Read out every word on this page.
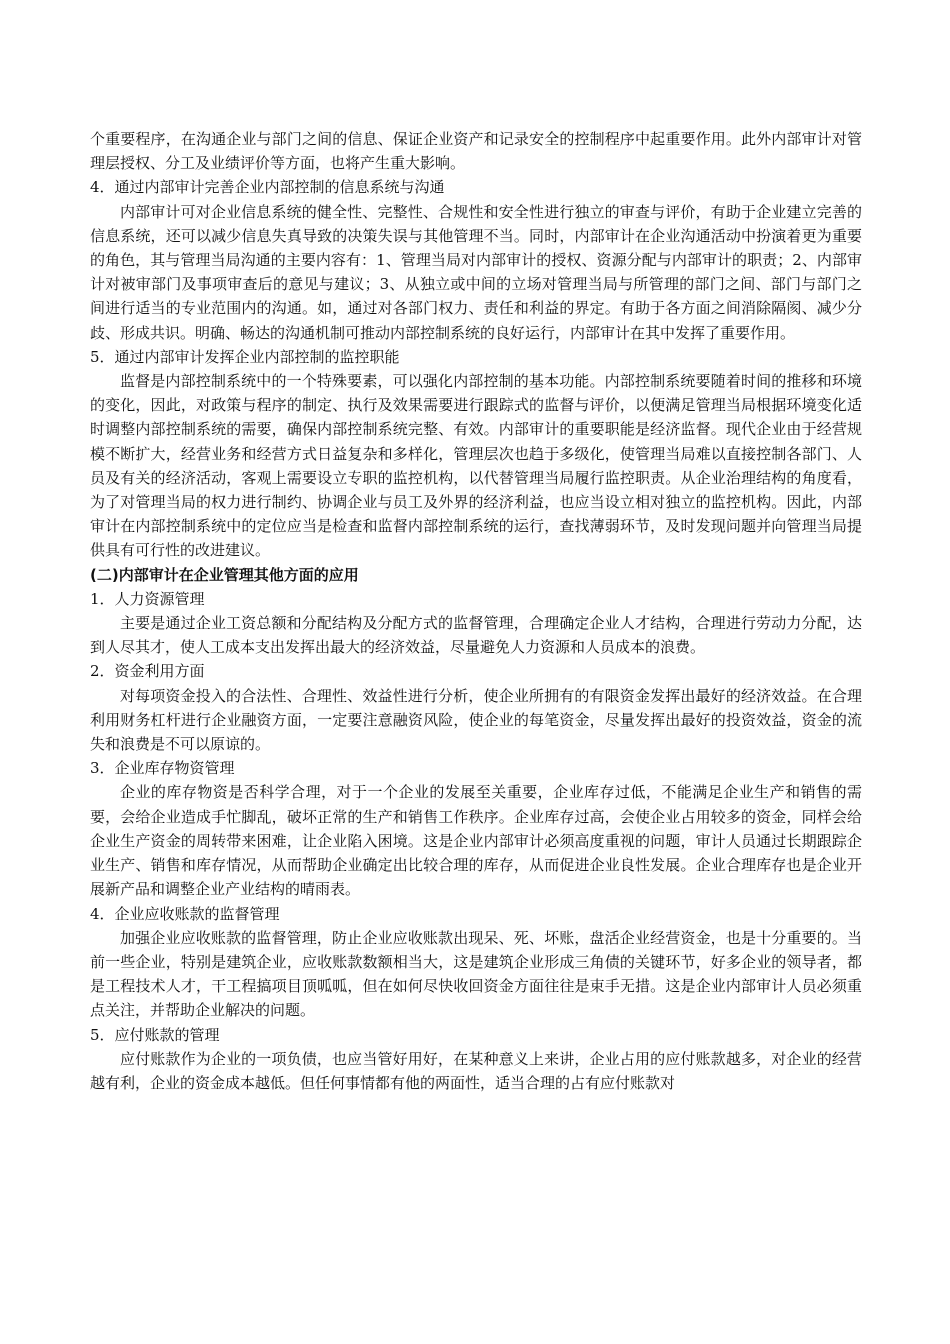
个重要程序，在沟通企业与部门之间的信息、保证企业资产和记录安全的控制程序中起重要作用。此外内部审计对管理层授权、分工及业绩评价等方面，也将产生重大影响。

4．通过内部审计完善企业内部控制的信息系统与沟通

内部审计可对企业信息系统的健全性、完整性、合规性和安全性进行独立的审查与评价，有助于企业建立完善的信息系统，还可以减少信息失真导致的决策失误与其他管理不当。同时，内部审计在企业沟通活动中扮演着更为重要的角色，其与管理当局沟通的主要内容有：1、管理当局对内部审计的授权、资源分配与内部审计的职责；2、内部审计对被审部门及事项审查后的意见与建议；3、从独立或中间的立场对管理当局与所管理的部门之间、部门与部门之间进行适当的专业范围内的沟通。如，通过对各部门权力、责任和利益的界定。有助于各方面之间消除隔阂、减少分歧、形成共识。明确、畅达的沟通机制可推动内部控制系统的良好运行，内部审计在其中发挥了重要作用。

5．通过内部审计发挥企业内部控制的监控职能

监督是内部控制系统中的一个特殊要素，可以强化内部控制的基本功能。内部控制系统要随着时间的推移和环境的变化，因此，对政策与程序的制定、执行及效果需要进行跟踪式的监督与评价，以便满足管理当局根据环境变化适时调整内部控制系统的需要，确保内部控制系统完整、有效。内部审计的重要职能是经济监督。现代企业由于经营规模不断扩大，经营业务和经营方式日益复杂和多样化，管理层次也趋于多级化，使管理当局难以直接控制各部门、人员及有关的经济活动，客观上需要设立专职的监控机构，以代替管理当局履行监控职责。从企业治理结构的角度看，为了对管理当局的权力进行制约、协调企业与员工及外界的经济利益，也应当设立相对独立的监控机构。因此，内部审计在内部控制系统中的定位应当是检查和监督内部控制系统的运行，查找薄弱环节，及时发现问题并向管理当局提供具有可行性的改进建议。

(二)内部审计在企业管理其他方面的应用

1．人力资源管理

主要是通过企业工资总额和分配结构及分配方式的监督管理，合理确定企业人才结构，合理进行劳动力分配，达到人尽其才，使人工成本支出发挥出最大的经济效益，尽量避免人力资源和人员成本的浪费。

2．资金利用方面

对每项资金投入的合法性、合理性、效益性进行分析，使企业所拥有的有限资金发挥出最好的经济效益。在合理利用财务杠杆进行企业融资方面，一定要注意融资风险，使企业的每笔资金，尽量发挥出最好的投资效益，资金的流失和浪费是不可以原谅的。

3．企业库存物资管理

企业的库存物资是否科学合理，对于一个企业的发展至关重要，企业库存过低，不能满足企业生产和销售的需要，会给企业造成手忙脚乱，破坏正常的生产和销售工作秩序。企业库存过高，会使企业占用较多的资金，同样会给企业生产资金的周转带来困难，让企业陷入困境。这是企业内部审计必须高度重视的问题，审计人员通过长期跟踪企业生产、销售和库存情况，从而帮助企业确定出比较合理的库存，从而促进企业良性发展。企业合理库存也是企业开展新产品和调整企业产业结构的晴雨表。

4．企业应收账款的监督管理

加强企业应收账款的监督管理，防止企业应收账款出现呆、死、坏账，盘活企业经营资金，也是十分重要的。当前一些企业，特别是建筑企业，应收账款数额相当大，这是建筑企业形成三角债的关键环节，好多企业的领导者，都是工程技术人才，干工程搞项目顶呱呱，但在如何尽快收回资金方面往往是束手无措。这是企业内部审计人员必须重点关注，并帮助企业解决的问题。

5．应付账款的管理

应付账款作为企业的一项负债，也应当管好用好，在某种意义上来讲，企业占用的应付账款越多，对企业的经营越有利，企业的资金成本越低。但任何事情都有他的两面性，适当合理的占有应付账款对
